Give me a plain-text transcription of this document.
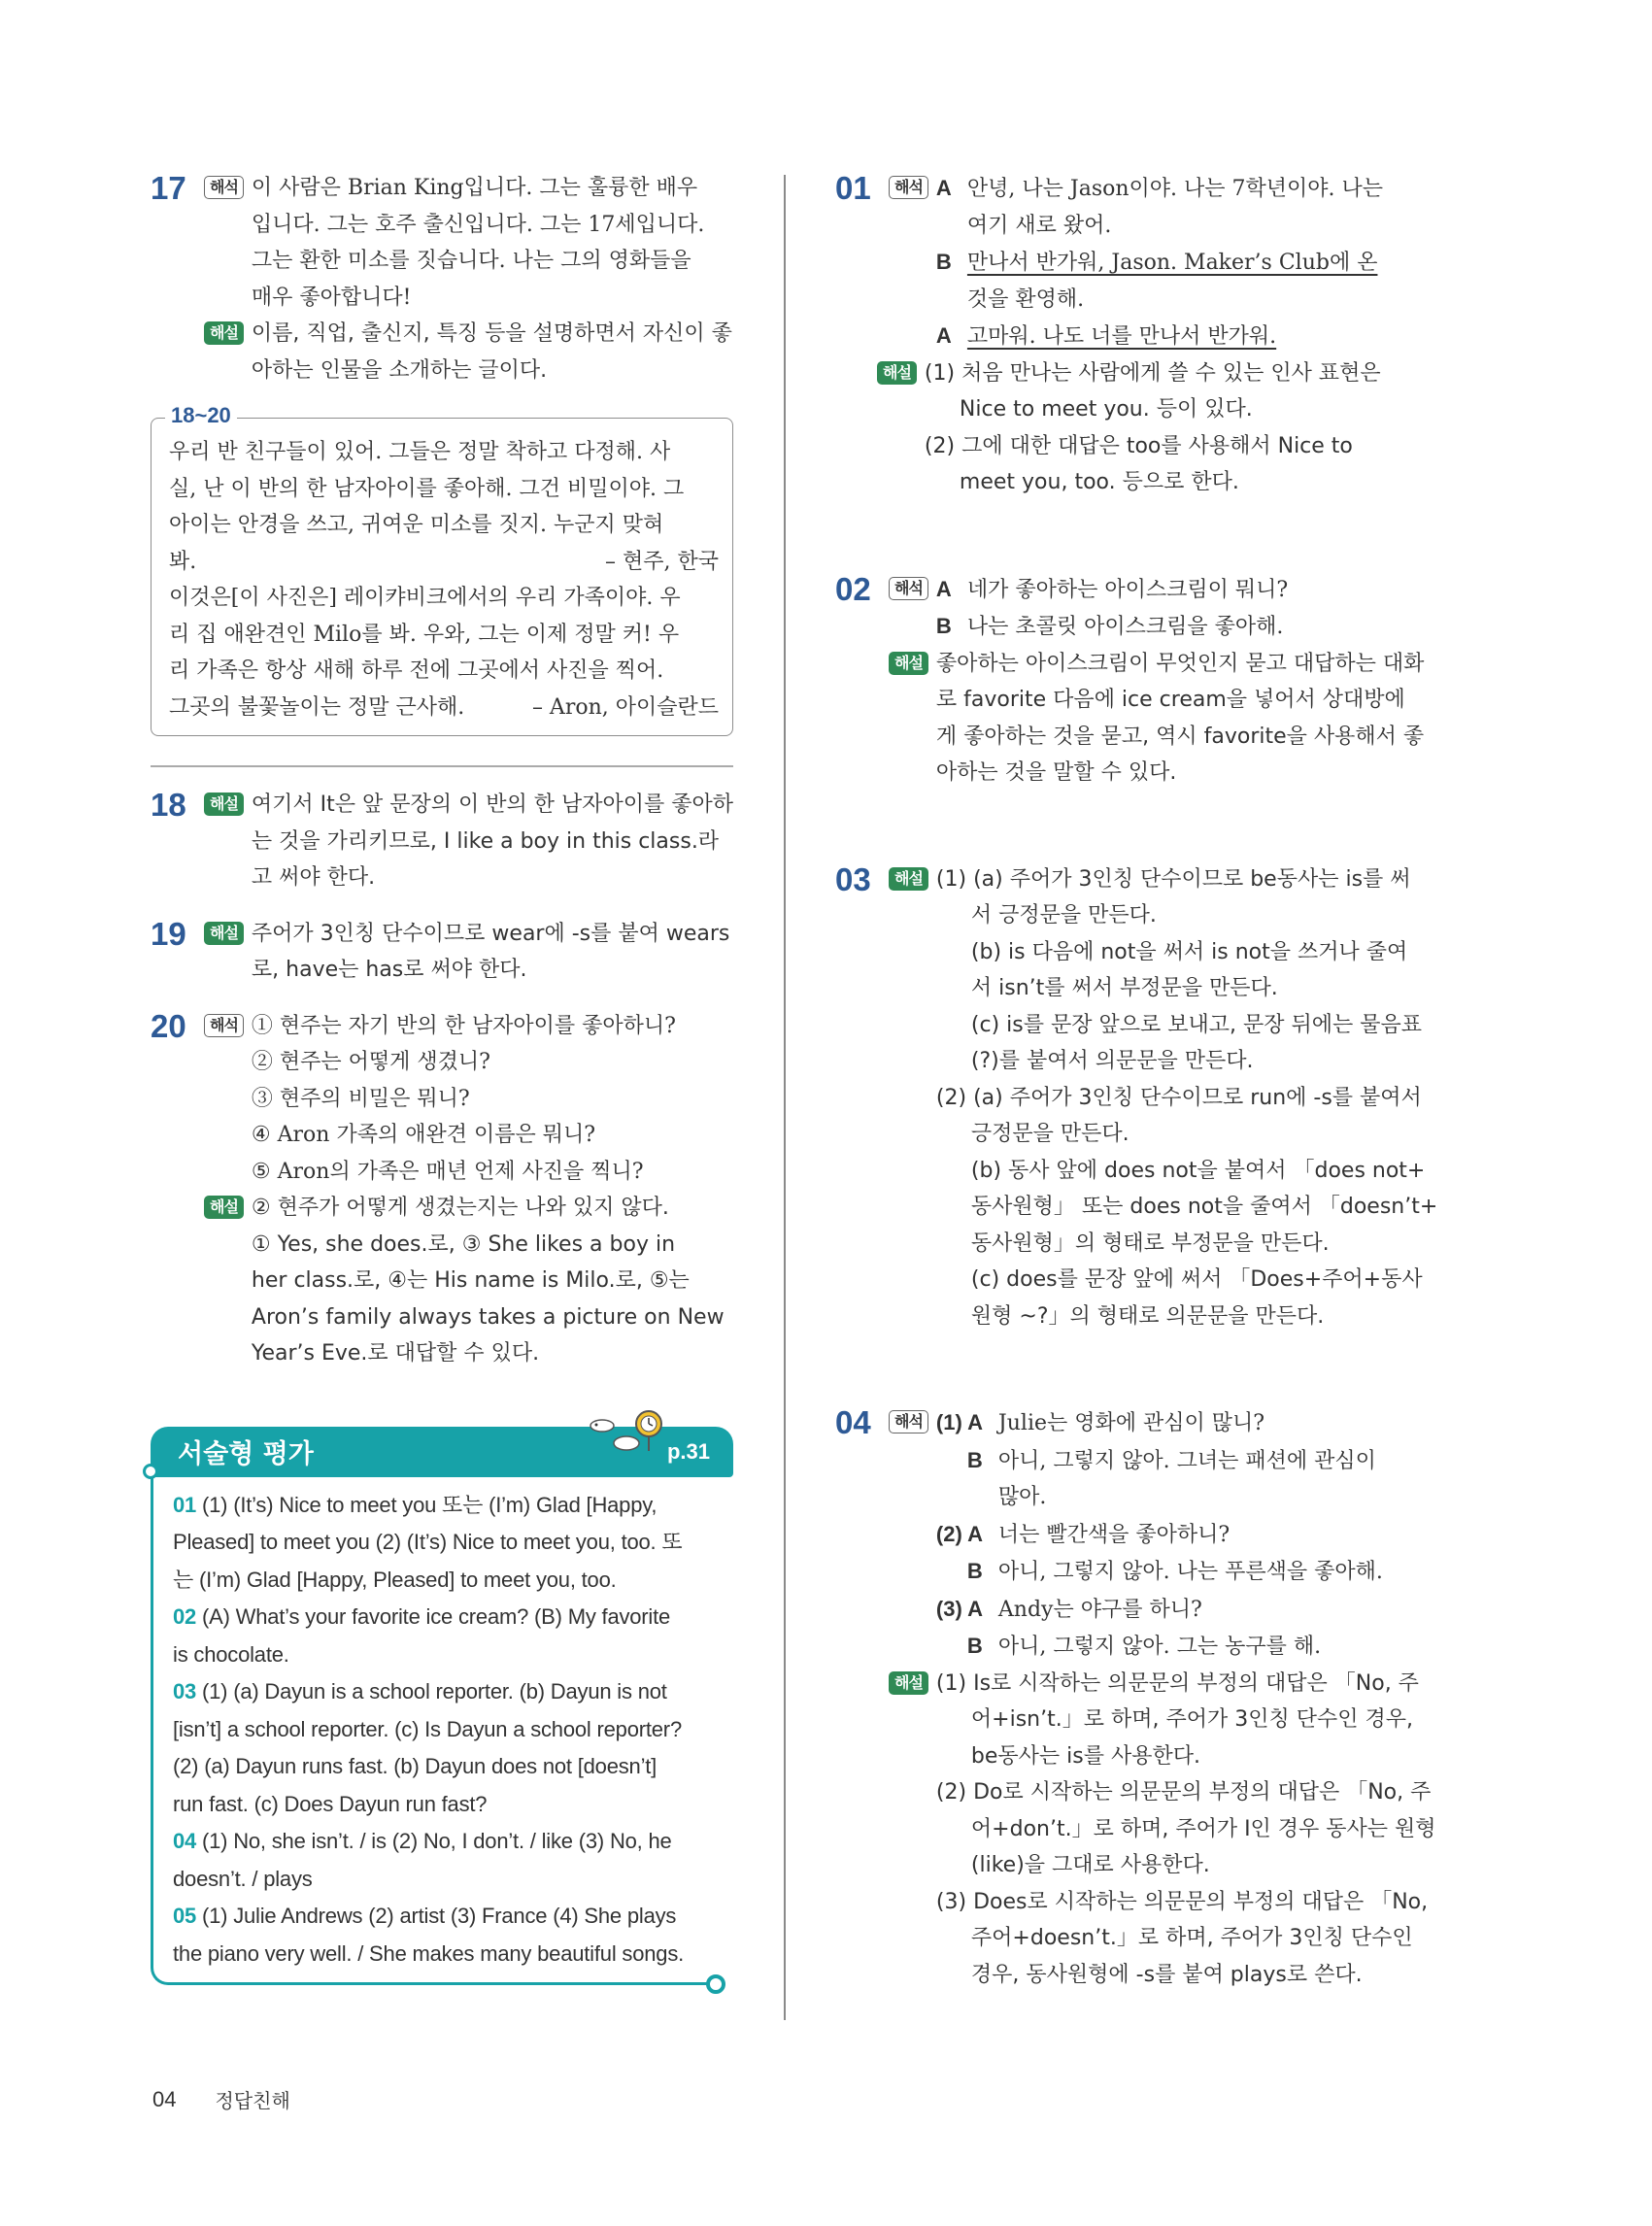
17	해석 이 사람은 Brian King입니다. 그는 훌륭한 배우
입니다. 그는 호주 출신입니다. 그는 17세입니다.
그는 환한 미소를 짓습니다. 나는 그의 영화들을
매우 좋아합니다!
해설 이름, 직업, 출신지, 특징 등을 설명하면서 자신이 좋
아하는 인물을 소개하는 글이다.
18~20
우리 반 친구들이 있어. 그들은 정말 착하고 다정해. 사
실, 난 이 반의 한 남자아이를 좋아해. 그건 비밀이야. 그
아이는 안경을 쓰고, 귀여운 미소를 짓지. 누군지 맞혀
봐.	– 현주, 한국
이것은[이 사진은] 레이캬비크에서의 우리 가족이야. 우
리 집 애완견인 Milo를 봐. 우와, 그는 이제 정말 커! 우
리 가족은 항상 새해 하루 전에 그곳에서 사진을 찍어.
그곳의 불꽃놀이는 정말 근사해.	– Aron, 아이슬란드
18	해설 여기서 It은 앞 문장의 이 반의 한 남자아이를 좋아하
는 것을 가리키므로, I like a boy in this class.라
고 써야 한다.
19	해설 주어가 3인칭 단수이므로 wear에 -s를 붙여 wears
로, have는 has로 써야 한다.
20	해석 ① 현주는 자기 반의 한 남자아이를 좋아하니?
② 현주는 어떻게 생겼니?
③ 현주의 비밀은 뭐니?
④ Aron 가족의 애완견 이름은 뭐니?
⑤ Aron의 가족은 매년 언제 사진을 찍니?
해설 ② 현주가 어떻게 생겼는지는 나와 있지 않다.
① Yes, she does.로, ③ She likes a boy in
her class.로, ④는 His name is Milo.로, ⑤는
Aron’s family always takes a picture on New
Year’s Eve.로 대답할 수 있다.
서술형 평가	p.31
01 (1) (It’s) Nice to meet you 또는 (I’m) Glad [Happy,
Pleased] to meet you (2) (It’s) Nice to meet you, too. 또
는 (I’m) Glad [Happy, Pleased] to meet you, too.
02 (A) What’s your favorite ice cream? (B) My favorite
is chocolate.
03 (1) (a) Dayun is a school reporter. (b) Dayun is not
[isn’t] a school reporter. (c) Is Dayun a school reporter?
(2) (a) Dayun runs fast. (b) Dayun does not [doesn’t]
run fast. (c) Does Dayun run fast?
04 (1) No, she isn’t. / is (2) No, I don’t. / like (3) No, he
doesn’t. / plays
05 (1) Julie Andrews (2) artist (3) France (4) She plays
the piano very well. / She makes many beautiful songs.
01	해석 A 안녕, 나는 Jason이야. 나는 7학년이야. 나는
여기 새로 왔어.
B 만나서 반가워, Jason. Maker’s Club에 온
것을 환영해.
A 고마워. 나도 너를 만나서 반가워.
해설 (1) 처음 만나는 사람에게 쓸 수 있는 인사 표현은
Nice to meet you. 등이 있다.
(2) 그에 대한 대답은 too를 사용해서 Nice to
meet you, too. 등으로 한다.
02	해석 A 네가 좋아하는 아이스크림이 뭐니?
B 나는 초콜릿 아이스크림을 좋아해.
해설 좋아하는 아이스크림이 무엇인지 묻고 대답하는 대화
로 favorite 다음에 ice cream을 넣어서 상대방에
게 좋아하는 것을 묻고, 역시 favorite을 사용해서 좋
아하는 것을 말할 수 있다.
03	해설 (1) (a) 주어가 3인칭 단수이므로 be동사는 is를 써
서 긍정문을 만든다.
(b) is 다음에 not을 써서 is not을 쓰거나 줄여
서 isn’t를 써서 부정문을 만든다.
(c) is를 문장 앞으로 보내고, 문장 뒤에는 물음표
(?)를 붙여서 의문문을 만든다.
(2) (a) 주어가 3인칭 단수이므로 run에 -s를 붙여서
긍정문을 만든다.
(b) 동사 앞에 does not을 붙여서 「does not+
동사원형」 또는 does not을 줄여서 「doesn’t+
동사원형」의 형태로 부정문을 만든다.
(c) does를 문장 앞에 써서 「Does+주어+동사
원형 ~?」의 형태로 의문문을 만든다.
04	해석 (1) A Julie는 영화에 관심이 많니?
B 아니, 그렇지 않아. 그녀는 패션에 관심이
많아.
(2) A 너는 빨간색을 좋아하니?
B 아니, 그렇지 않아. 나는 푸른색을 좋아해.
(3) A Andy는 야구를 하니?
B 아니, 그렇지 않아. 그는 농구를 해.
해설 (1) Is로 시작하는 의문문의 부정의 대답은 「No, 주
어+isn’t.」로 하며, 주어가 3인칭 단수인 경우,
be동사는 is를 사용한다.
(2) Do로 시작하는 의문문의 부정의 대답은 「No, 주
어+don’t.」로 하며, 주어가 I인 경우 동사는 원형
(like)을 그대로 사용한다.
(3) Does로 시작하는 의문문의 부정의 대답은 「No,
주어+doesn’t.」로 하며, 주어가 3인칭 단수인
경우, 동사원형에 -s를 붙여 plays로 쓴다.
04 정답친해
